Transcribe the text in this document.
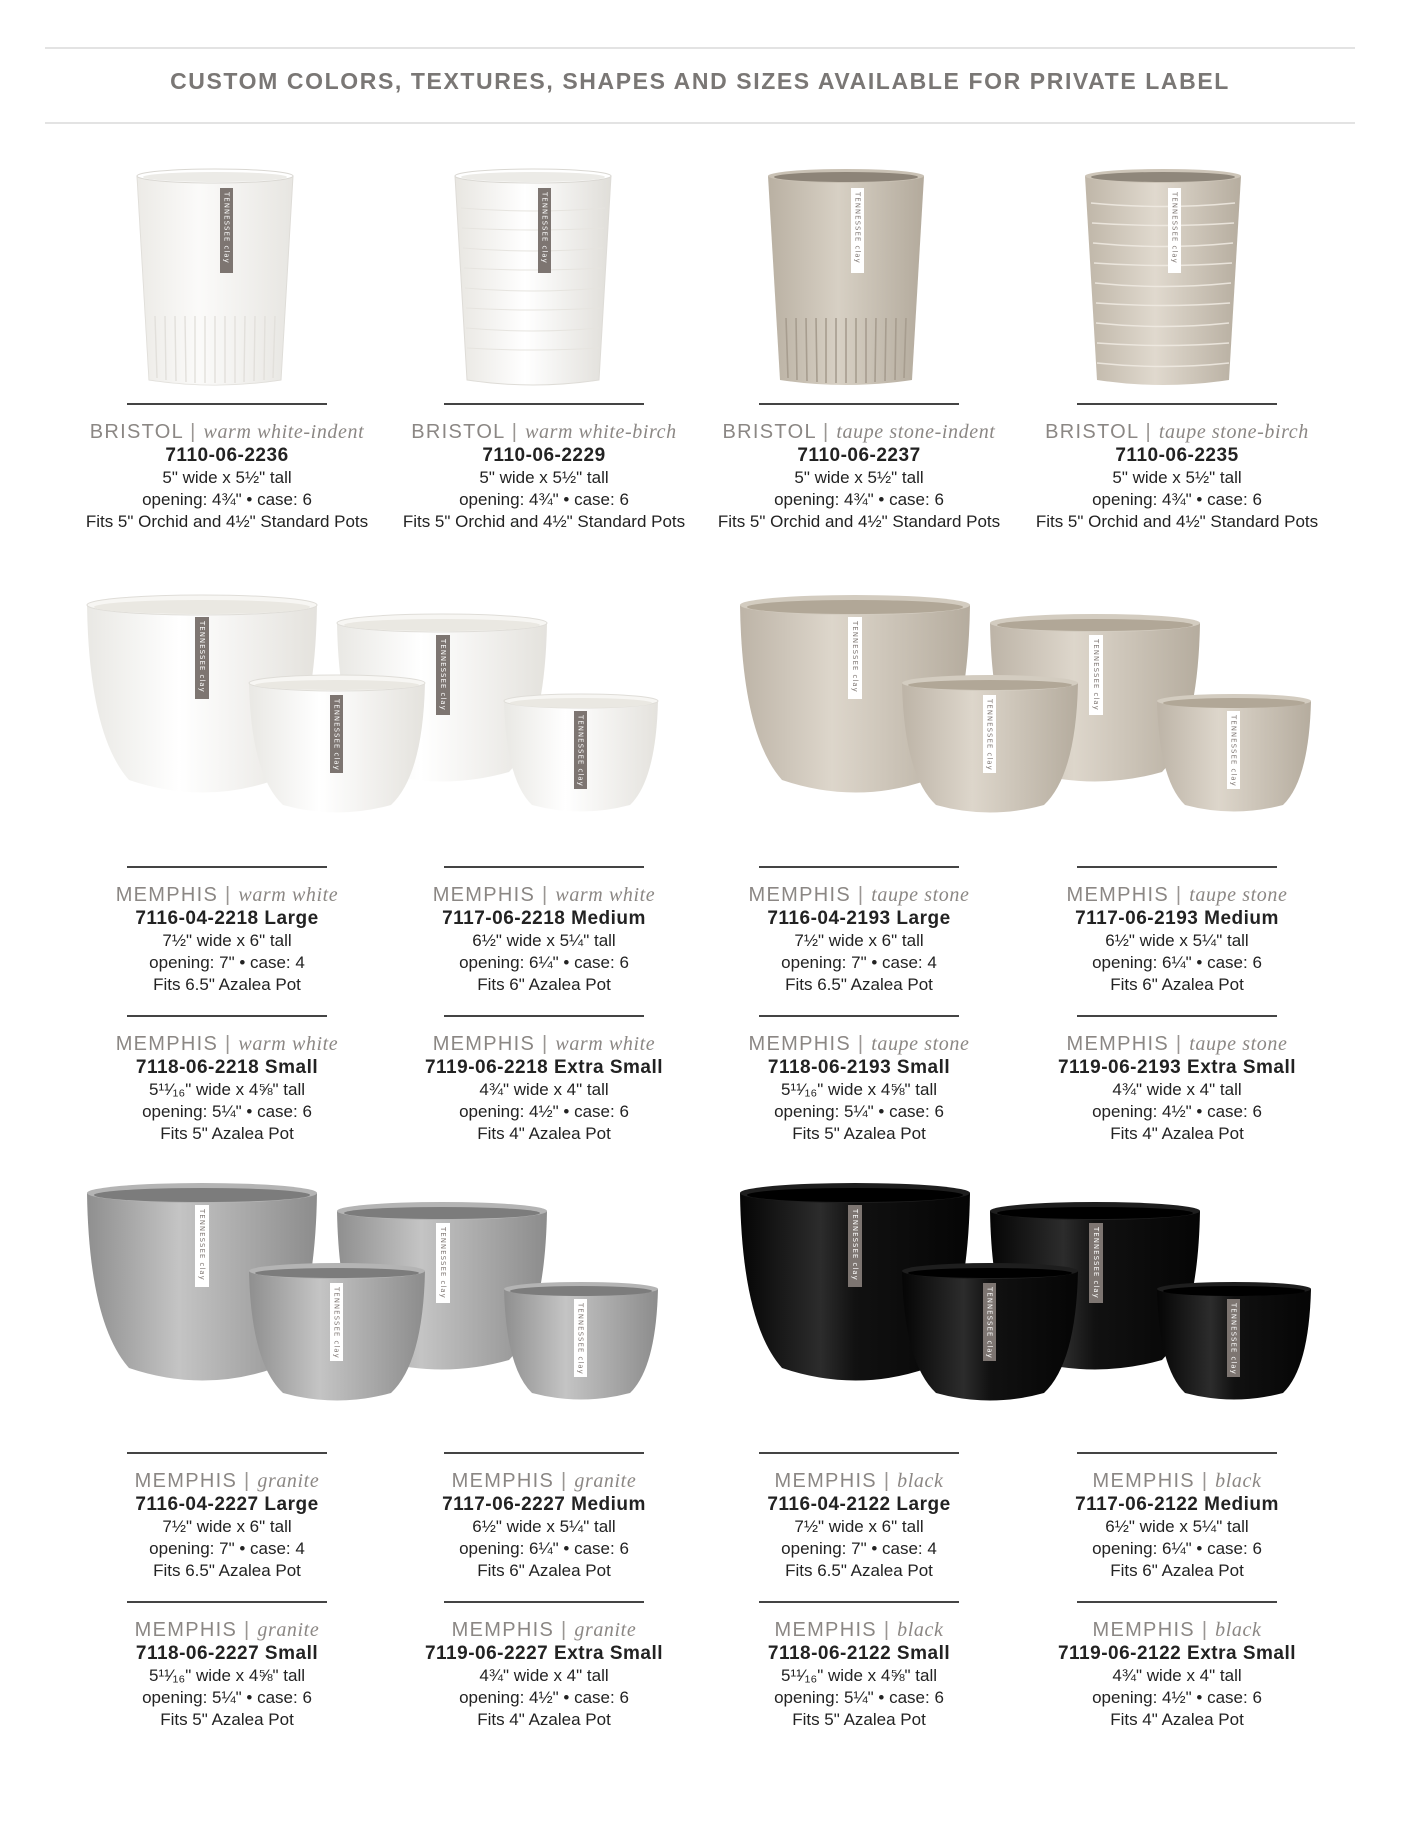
CUSTOM COLORS, TEXTURES, SHAPES AND SIZES AVAILABLE FOR PRIVATE LABEL
TENNESSEE clay	TENNESSEE clay	TENNESSEE clay	TENNESSEE clay
BRISTOL | warm white-indent
7110-06-2236
5" wide x 5½" tall
opening: 4¾" • case: 6
Fits 5" Orchid and 4½" Standard Pots
BRISTOL | warm white-birch
7110-06-2229
5" wide x 5½" tall
opening: 4¾" • case: 6
Fits 5" Orchid and 4½" Standard Pots
BRISTOL | taupe stone-indent
7110-06-2237
5" wide x 5½" tall
opening: 4¾" • case: 6
Fits 5" Orchid and 4½" Standard Pots
BRISTOL | taupe stone-birch
7110-06-2235
5" wide x 5½" tall
opening: 4¾" • case: 6
Fits 5" Orchid and 4½" Standard Pots
TENNESSEE clay	TENNESSEE clay
TENNESSEE clay	TENNESSEE clay
TENNESSEE clay	TENNESSEE clay
TENNESSEE clay	TENNESSEE clay
TENNESSEE clay	TENNESSEE clay
TENNESSEE clay	TENNESSEE clay
TENNESSEE clay	TENNESSEE clay
TENNESSEE clay	TENNESSEE clay
MEMPHIS | warm white
7116-04-2218 Large
7½" wide x 6" tall
opening: 7" • case: 4
Fits 6.5" Azalea Pot
MEMPHIS | warm white
7117-06-2218 Medium
6½" wide x 5¼" tall
opening: 6¼" • case: 6
Fits 6" Azalea Pot
MEMPHIS | warm white
7118-06-2218 Small
5¹¹⁄₁₆" wide x 4⅝" tall
opening: 5¼" • case: 6
Fits 5" Azalea Pot
MEMPHIS | warm white
7119-06-2218 Extra Small
4¾" wide x 4" tall
opening: 4½" • case: 6
Fits 4" Azalea Pot
MEMPHIS | taupe stone
7116-04-2193 Large
7½" wide x 6" tall
opening: 7" • case: 4
Fits 6.5" Azalea Pot
MEMPHIS | taupe stone
7117-06-2193 Medium
6½" wide x 5¼" tall
opening: 6¼" • case: 6
Fits 6" Azalea Pot
MEMPHIS | taupe stone
7118-06-2193 Small
5¹¹⁄₁₆" wide x 4⅝" tall
opening: 5¼" • case: 6
Fits 5" Azalea Pot
MEMPHIS | taupe stone
7119-06-2193 Extra Small
4¾" wide x 4" tall
opening: 4½" • case: 6
Fits 4" Azalea Pot
MEMPHIS | granite
7116-04-2227 Large
7½" wide x 6" tall
opening: 7" • case: 4
Fits 6.5" Azalea Pot
MEMPHIS | granite
7117-06-2227 Medium
6½" wide x 5¼" tall
opening: 6¼" • case: 6
Fits 6" Azalea Pot
MEMPHIS | granite
7118-06-2227 Small
5¹¹⁄₁₆" wide x 4⅝" tall
opening: 5¼" • case: 6
Fits 5" Azalea Pot
MEMPHIS | granite
7119-06-2227 Extra Small
4¾" wide x 4" tall
opening: 4½" • case: 6
Fits 4" Azalea Pot
MEMPHIS | black
7116-04-2122 Large
7½" wide x 6" tall
opening: 7" • case: 4
Fits 6.5" Azalea Pot
MEMPHIS | black
7117-06-2122 Medium
6½" wide x 5¼" tall
opening: 6¼" • case: 6
Fits 6" Azalea Pot
MEMPHIS | black
7118-06-2122 Small
5¹¹⁄₁₆" wide x 4⅝" tall
opening: 5¼" • case: 6
Fits 5" Azalea Pot
MEMPHIS | black
7119-06-2122 Extra Small
4¾" wide x 4" tall
opening: 4½" • case: 6
Fits 4" Azalea Pot
